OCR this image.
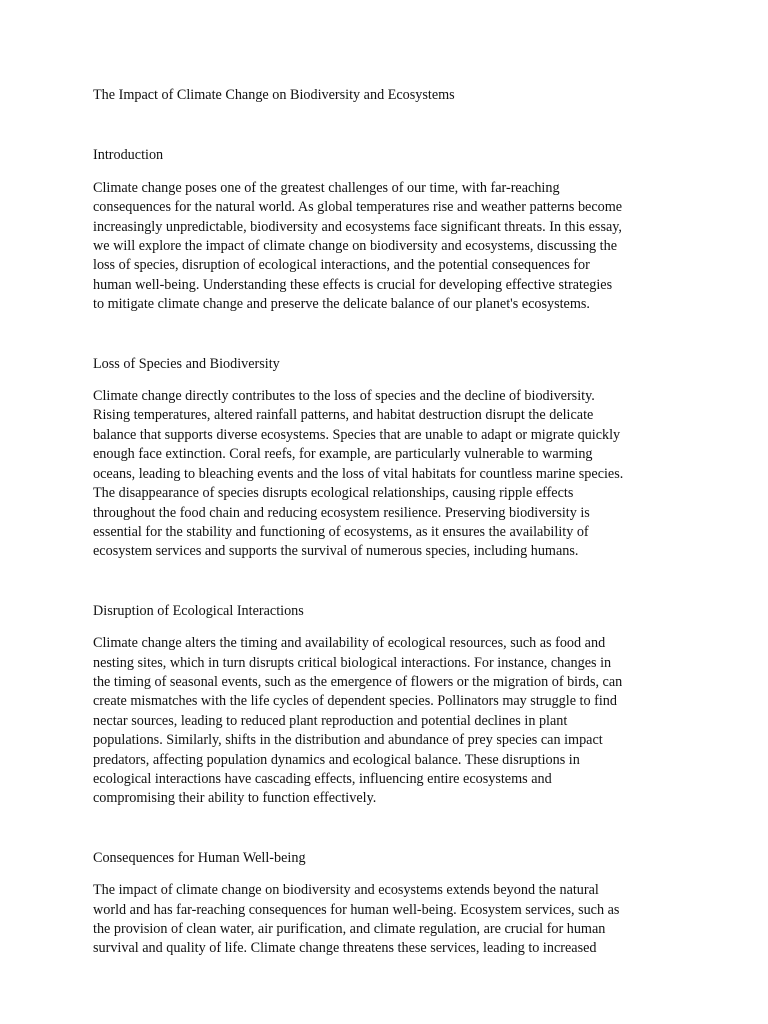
The Impact of Climate Change on Biodiversity and Ecosystems
Introduction

Climate change poses one of the greatest challenges of our time, with far-reaching
consequences for the natural world. As global temperatures rise and weather patterns become
increasingly unpredictable, biodiversity and ecosystems face significant threats. In this essay,
we will explore the impact of climate change on biodiversity and ecosystems, discussing the
loss of species, disruption of ecological interactions, and the potential consequences for
human well-being. Understanding these effects is crucial for developing effective strategies
to mitigate climate change and preserve the delicate balance of our planet's ecosystems.

Loss of Species and Biodiversity

Climate change directly contributes to the loss of species and the decline of biodiversity.
Rising temperatures, altered rainfall patterns, and habitat destruction disrupt the delicate
balance that supports diverse ecosystems. Species that are unable to adapt or migrate quickly
enough face extinction. Coral reefs, for example, are particularly vulnerable to warming
oceans, leading to bleaching events and the loss of vital habitats for countless marine species.
The disappearance of species disrupts ecological relationships, causing ripple effects
throughout the food chain and reducing ecosystem resilience. Preserving biodiversity is
essential for the stability and functioning of ecosystems, as it ensures the availability of
ecosystem services and supports the survival of numerous species, including humans.

Disruption of Ecological Interactions

Climate change alters the timing and availability of ecological resources, such as food and
nesting sites, which in turn disrupts critical biological interactions. For instance, changes in
the timing of seasonal events, such as the emergence of flowers or the migration of birds, can
create mismatches with the life cycles of dependent species. Pollinators may struggle to find
nectar sources, leading to reduced plant reproduction and potential declines in plant
populations. Similarly, shifts in the distribution and abundance of prey species can impact
predators, affecting population dynamics and ecological balance. These disruptions in
ecological interactions have cascading effects, influencing entire ecosystems and
compromising their ability to function effectively.

Consequences for Human Well-being

The impact of climate change on biodiversity and ecosystems extends beyond the natural
world and has far-reaching consequences for human well-being. Ecosystem services, such as
the provision of clean water, air purification, and climate regulation, are crucial for human
survival and quality of life. Climate change threatens these services, leading to increased
